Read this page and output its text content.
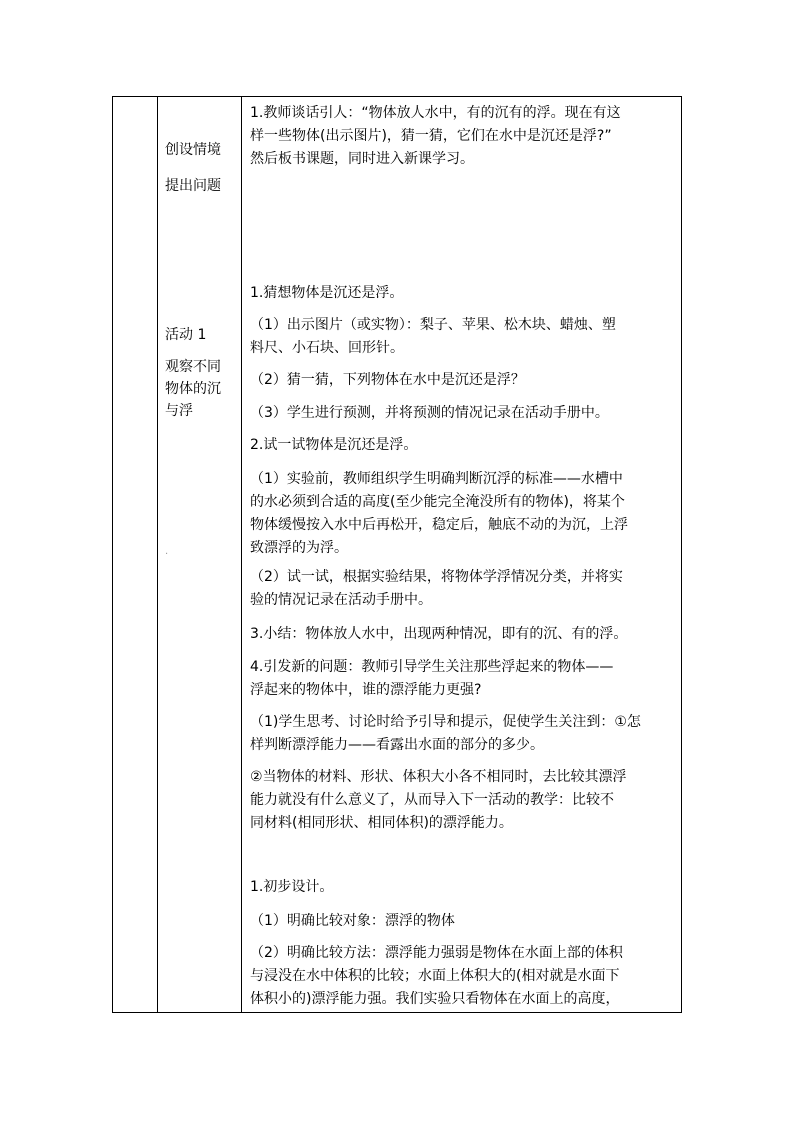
创设情境
提出问题
活动 1
观察不同
物体的沉
与浮
.
1.教师谈话引人：“物体放人水中，有的沉有的浮。现在有这
样一些物体(出示图片)，猜一猜，它们在水中是沉还是浮?”
然后板书课题，同时进入新课学习。
1.猜想物体是沉还是浮。
（1）出示图片（或实物）：梨子、苹果、松木块、蜡烛、塑
料尺、小石块、回形针。
（2）猜一猜，下列物体在水中是沉还是浮？
（3）学生进行预测，并将预测的情况记录在活动手册中。
2.试一试物体是沉还是浮。
（1）实验前，教师组织学生明确判断沉浮的标准——水槽中
的水必须到合适的高度(至少能完全淹没所有的物体)，将某个
物体缓慢按入水中后再松开，稳定后，触底不动的为沉，上浮
致漂浮的为浮。
（2）试一试，根据实验结果，将物体学浮情况分类，并将实
验的情况记录在活动手册中。
3.小结：物体放人水中，出现两种情况，即有的沉、有的浮。
4.引发新的问题：教师引导学生关注那些浮起来的物体——
浮起来的物体中，谁的漂浮能力更强?
（1)学生思考、讨论时给予引导和提示，促使学生关注到：①怎
样判断漂浮能力——看露出水面的部分的多少。
②当物体的材料、形状、体积大小各不相同时，去比较其漂浮
能力就没有什么意义了，从而导入下一活动的教学：比较不
同材料(相同形状、相同体积)的漂浮能力。
1.初步设计。
（1）明确比较对象：漂浮的物体
（2）明确比较方法：漂浮能力强弱是物体在水面上部的体积
与浸没在水中体积的比较；水面上体积大的(相对就是水面下
体积小的)漂浮能力强。我们实验只看物体在水面上的高度，
